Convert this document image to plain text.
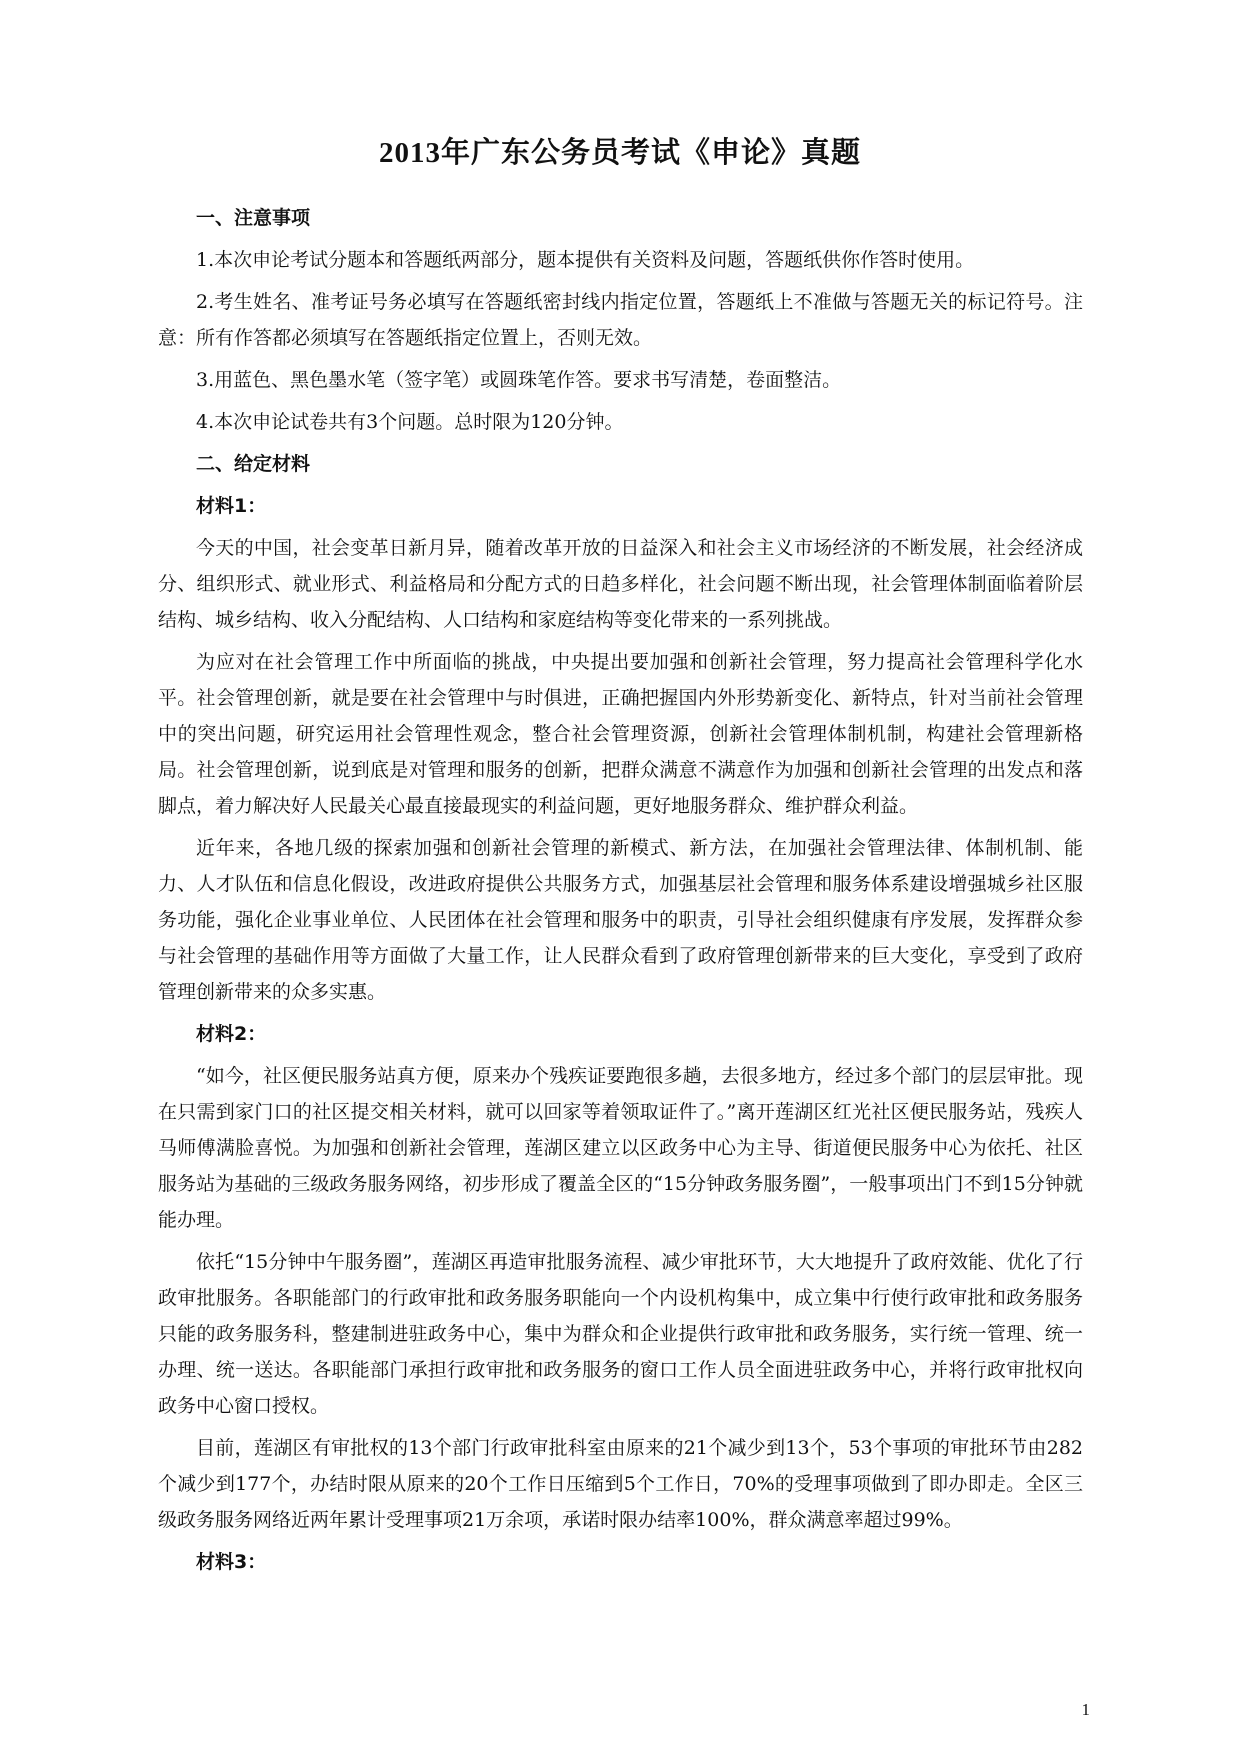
2013年广东公务员考试《申论》真题
一、注意事项

1.本次申论考试分题本和答题纸两部分，题本提供有关资料及问题，答题纸供你作答时使用。

2.考生姓名、准考证号务必填写在答题纸密封线内指定位置，答题纸上不准做与答题无关的标记符号。注意：所有作答都必须填写在答题纸指定位置上，否则无效。

3.用蓝色、黑色墨水笔（签字笔）或圆珠笔作答。要求书写清楚，卷面整洁。

4.本次申论试卷共有3个问题。总时限为120分钟。

二、给定材料
材料1：

今天的中国，社会变革日新月异，随着改革开放的日益深入和社会主义市场经济的不断发展，社会经济成分、组织形式、就业形式、利益格局和分配方式的日趋多样化，社会问题不断出现，社会管理体制面临着阶层结构、城乡结构、收入分配结构、人口结构和家庭结构等变化带来的一系列挑战。

为应对在社会管理工作中所面临的挑战，中央提出要加强和创新社会管理，努力提高社会管理科学化水平。社会管理创新，就是要在社会管理中与时俱进，正确把握国内外形势新变化、新特点，针对当前社会管理中的突出问题，研究运用社会管理性观念，整合社会管理资源，创新社会管理体制机制，构建社会管理新格局。社会管理创新，说到底是对管理和服务的创新，把群众满意不满意作为加强和创新社会管理的出发点和落脚点，着力解决好人民最关心最直接最现实的利益问题，更好地服务群众、维护群众利益。

近年来，各地几级的探索加强和创新社会管理的新模式、新方法，在加强社会管理法律、体制机制、能力、人才队伍和信息化假设，改进政府提供公共服务方式，加强基层社会管理和服务体系建设增强城乡社区服务功能，强化企业事业单位、人民团体在社会管理和服务中的职责，引导社会组织健康有序发展，发挥群众参与社会管理的基础作用等方面做了大量工作，让人民群众看到了政府管理创新带来的巨大变化，享受到了政府管理创新带来的众多实惠。

材料2：

“如今，社区便民服务站真方便，原来办个残疾证要跑很多趟，去很多地方，经过多个部门的层层审批。现在只需到家门口的社区提交相关材料，就可以回家等着领取证件了。”离开莲湖区红光社区便民服务站，残疾人马师傅满脸喜悦。为加强和创新社会管理，莲湖区建立以区政务中心为主导、街道便民服务中心为依托、社区服务站为基础的三级政务服务网络，初步形成了覆盖全区的“15分钟政务服务圈”，一般事项出门不到15分钟就能办理。

依托“15分钟中午服务圈”，莲湖区再造审批服务流程、减少审批环节，大大地提升了政府效能、优化了行政审批服务。各职能部门的行政审批和政务服务职能向一个内设机构集中，成立集中行使行政审批和政务服务只能的政务服务科，整建制进驻政务中心，集中为群众和企业提供行政审批和政务服务，实行统一管理、统一办理、统一送达。各职能部门承担行政审批和政务服务的窗口工作人员全面进驻政务中心，并将行政审批权向政务中心窗口授权。

目前，莲湖区有审批权的13个部门行政审批科室由原来的21个减少到13个，53个事项的审批环节由282个减少到177个，办结时限从原来的20个工作日压缩到5个工作日，70%的受理事项做到了即办即走。全区三级政务服务网络近两年累计受理事项21万余项，承诺时限办结率100%，群众满意率超过99%。

材料3：
1
